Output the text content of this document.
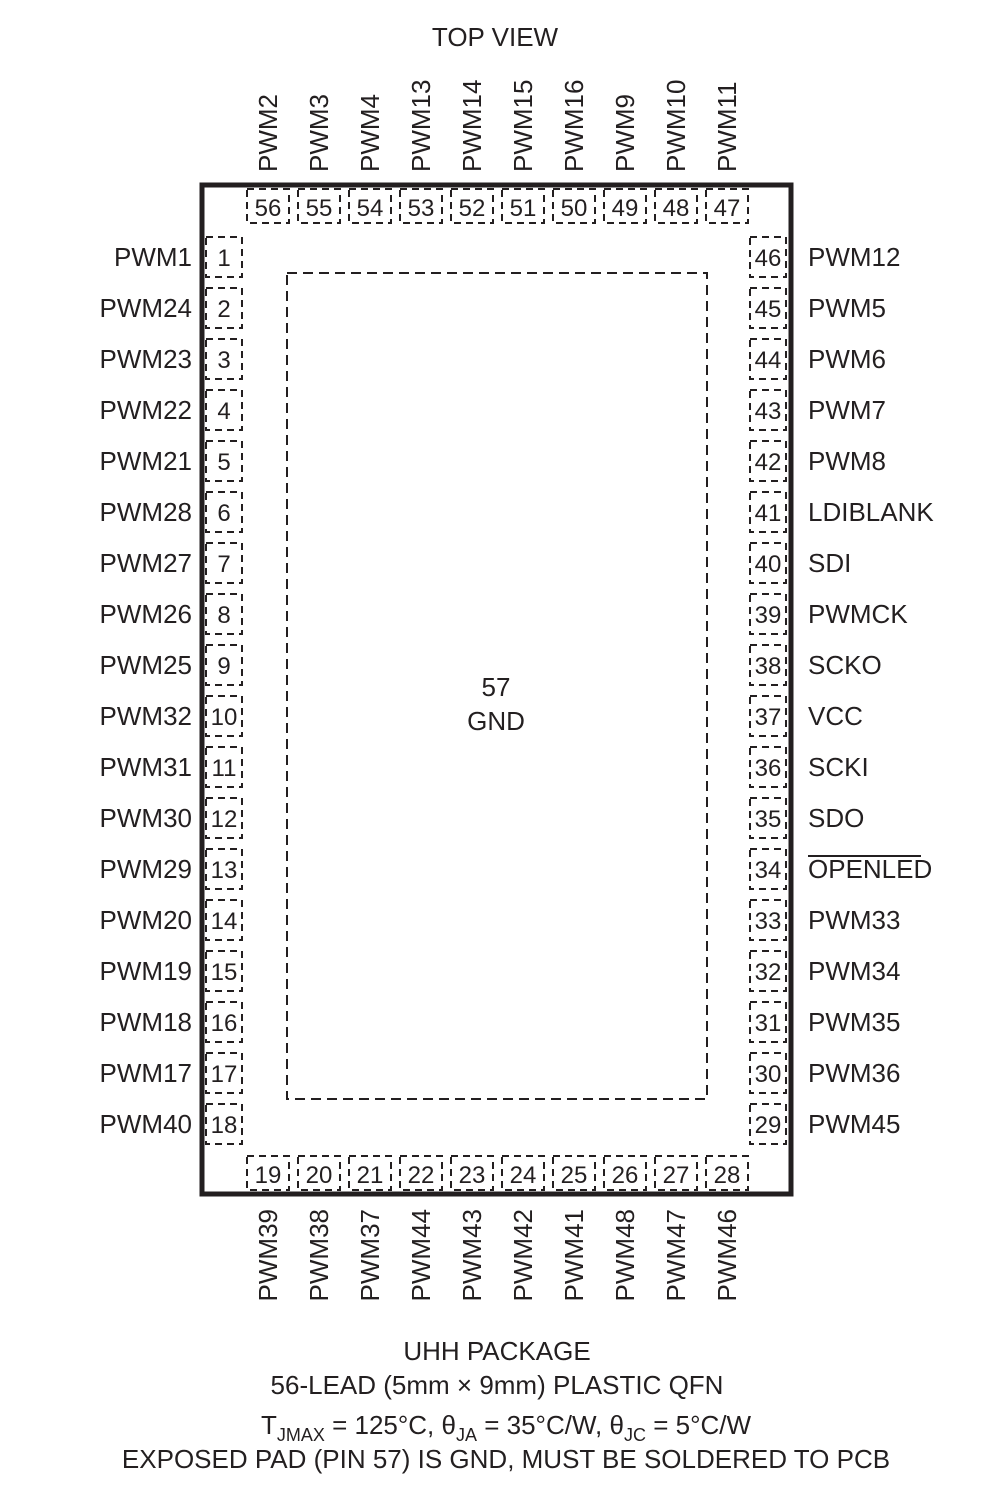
TOP VIEW
57
GND
1
PWM1
2
PWM24
3
PWM23
4
PWM22
5
PWM21
6
PWM28
7
PWM27
8
PWM26
9
PWM25
10
PWM32
11
PWM31
12
PWM30
13
PWM29
14
PWM20
15
PWM19
16
PWM18
17
PWM17
18
PWM40
46 PWM12
45 PWM5
44 PWM6
43 PWM7
42 PWM8
41 LDIBLANK
40 SDI
39 PWMCK
38 SCKO
37 VCC
36 SCKI
35 SDO
34 OPENLED
33 PWM33
32 PWM34
31 PWM35
30 PWM36
29 PWM45
56
PWM2
55
PWM3
54
PWM4
53
PWM13
52
PWM14
51
PWM15
50
PWM16
49
PWM9
48
PWM10
47
PWM11
19
PWM39
20
PWM38
21
PWM37
22
PWM44
23
PWM43
24
PWM42
25
PWM41
26
PWM48
27
PWM47
28
PWM46
UHH PACKAGE
56-LEAD (5mm × 9mm) PLASTIC QFN
$T_{JMAX} = 125^\circ C$, $\theta_{JA} = 35^\circ C/W$, $\theta_{JC} = 5^\circ C/W$
EXPOSED PAD (PIN 57) IS GND, MUST BE SOLDERED TO PCB
